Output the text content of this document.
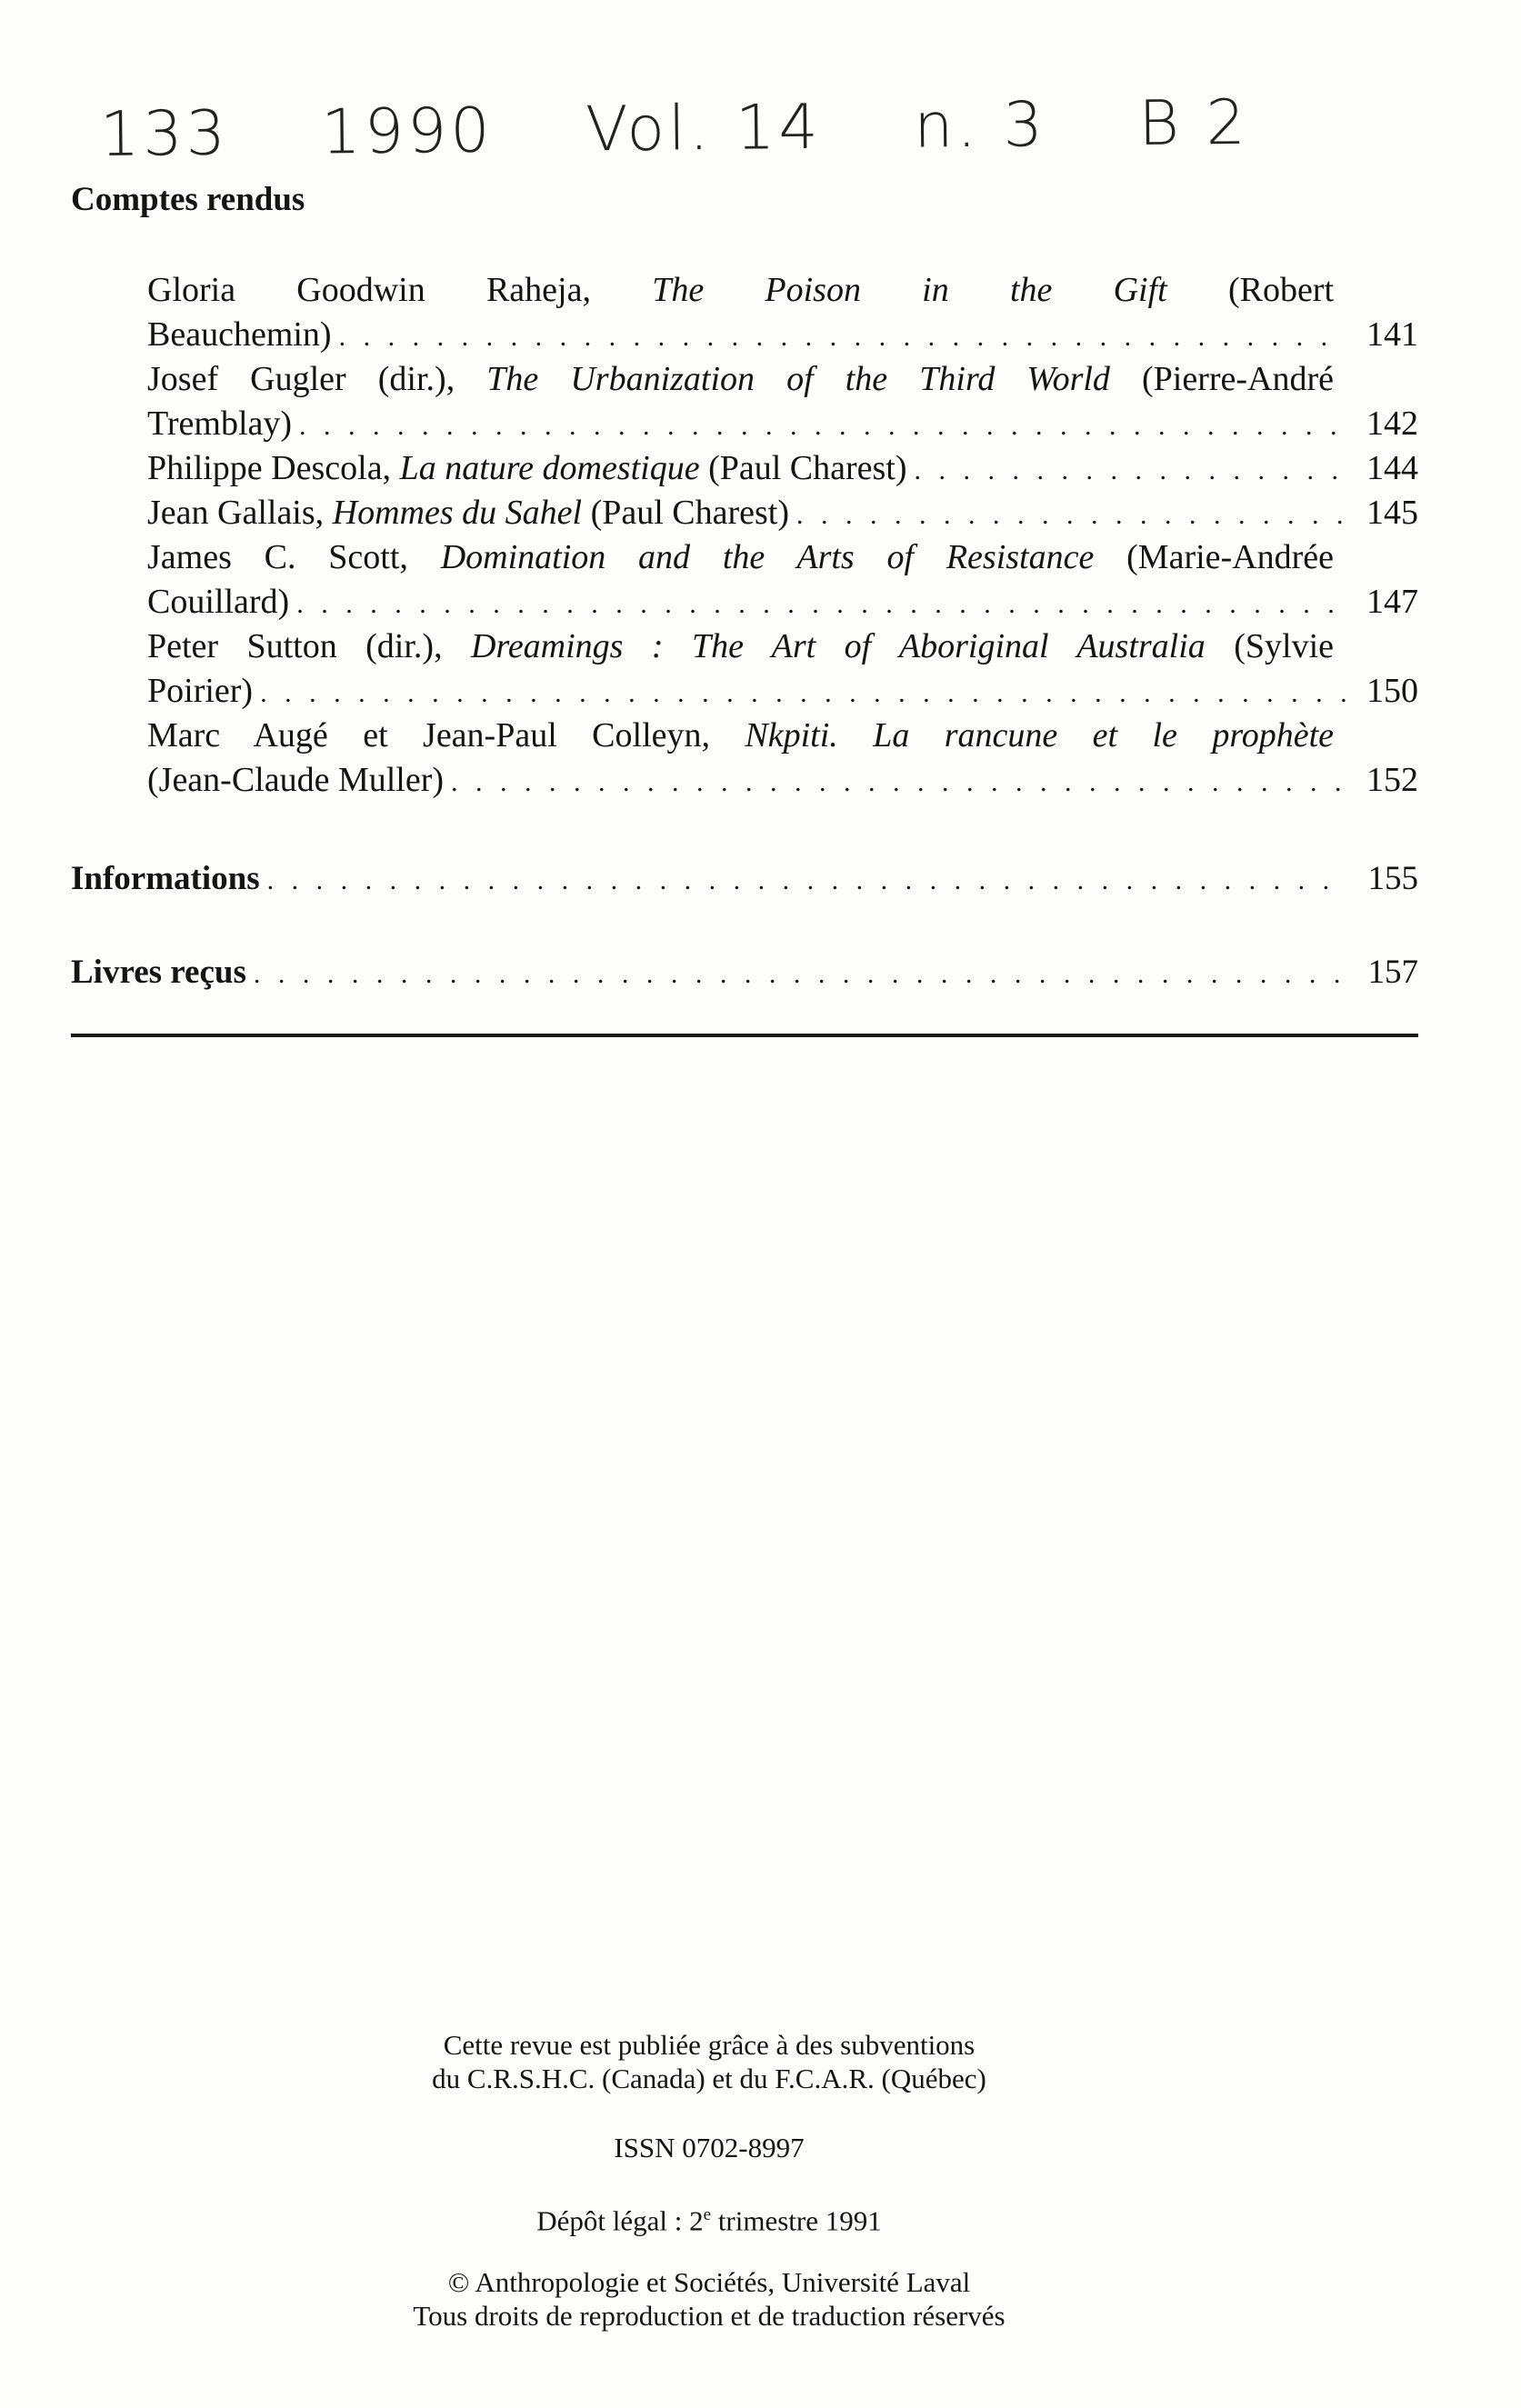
133 1990 Vol. 14 n. 3 B 2
Comptes rendus
Gloria Goodwin Raheja, The Poison in the Gift (Robert
Beauchemin) . . .	141
Josef Gugler (dir.), The Urbanization of the Third World (Pierre-André
Tremblay) . . .	142
Philippe Descola, La nature domestique (Paul Charest) . . .	144
Jean Gallais, Hommes du Sahel (Paul Charest) . . .	145
James C. Scott, Domination and the Arts of Resistance (Marie-Andrée
Couillard) . . .	147
Peter Sutton (dir.), Dreamings : The Art of Aboriginal Australia (Sylvie
Poirier) . . .	150
Marc Augé et Jean-Paul Colleyn, Nkpiti. La rancune et le prophète
(Jean-Claude Muller) . . .	152
Informations . . .	155
Livres reçus . . .	157

Cette revue est publiée grâce à des subventions

du C.R.S.H.C. (Canada) et du F.C.A.R. (Québec)

ISSN 0702-8997
Dépôt légal : 2e trimestre 1991

© Anthropologie et Sociétés, Université Laval

Tous droits de reproduction et de traduction réservés
